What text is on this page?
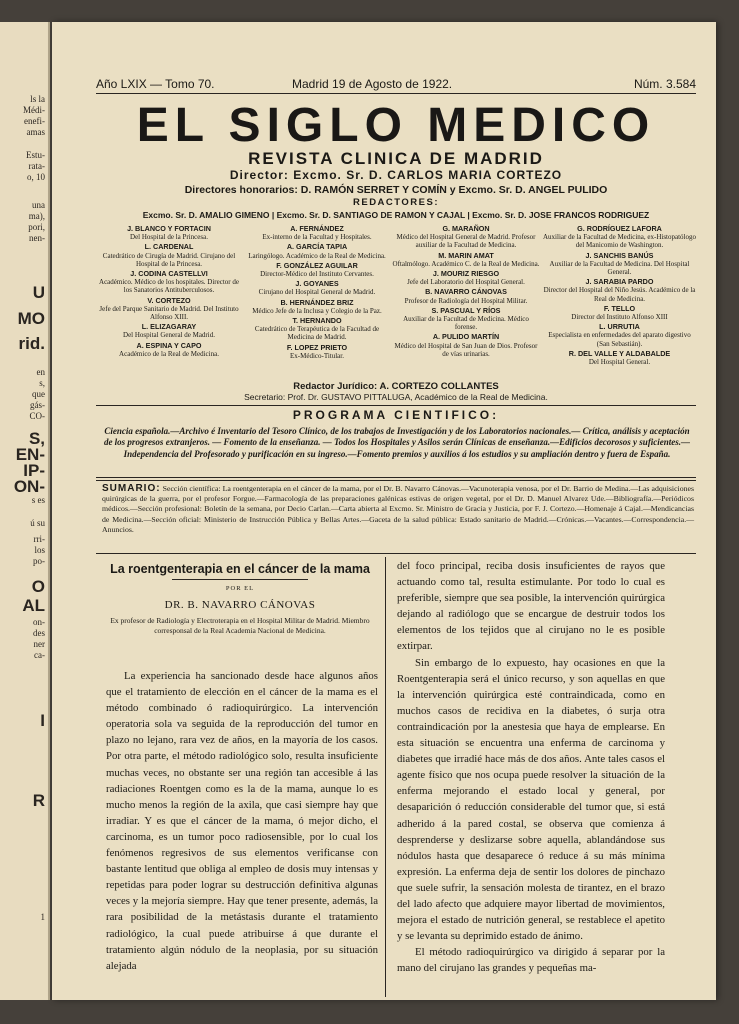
ls la
Médi-
enefi-
amas
Estu-
rata-
o, 10
una
ma),
pori,
nen-
U
MO
rid.
en
s,
que
gás-
CO-
S,
EN-
IP-
ON-
s es
ú su
rri-
los
po-
O
AL
on-
des
ner
ca-
I
R
1
Año LXIX — Tomo 70.	Madrid 19 de Agosto de 1922.	Núm. 3.584
EL SIGLO MEDICO
REVISTA CLINICA DE MADRID
Director: Excmo. Sr. D. CARLOS MARIA CORTEZO
Directores honorarios: D. RAMÓN SERRET Y COMÍN y Excmo. Sr. D. ANGEL PULIDO
REDACTORES:
Excmo. Sr. D. AMALIO GIMENO | Excmo. Sr. D. SANTIAGO DE RAMON Y CAJAL | Excmo. Sr. D. JOSE FRANCOS RODRIGUEZ
J. BLANCO Y FORTACIN
Del Hospital de la Princesa.
L. CARDENAL
Catedrático de Cirugía de Madrid. Cirujano del Hospital de la Princesa.
J. CODINA CASTELLVI
Académico. Médico de los hospitales. Director de los Sanatorios Antituberculosos.
V. CORTEZO
Jefe del Parque Sanitario de Madrid. Del Instituto Alfonso XIII.
L. ELIZAGARAY
Del Hospital General de Madrid.
A. ESPINA Y CAPO
Académico de la Real de Medicina.
A. FERNÁNDEZ
Ex-interno de la Facultad y Hospitales.
A. GARCÍA TAPIA
Laringólogo. Académico de la Real de Medicina.
F. GONZÁLEZ AGUILAR
Director-Médico del Instituto Cervantes.
J. GOYANES
Cirujano del Hospital General de Madrid.
B. HERNÁNDEZ BRIZ
Médico Jefe de la Inclusa y Colegio de la Paz.
T. HERNANDO
Catedrático de Terapéutica de la Facultad de Medicina de Madrid.
F. LOPEZ PRIETO
Ex-Médico-Titular.
G. MARAÑON
Médico del Hospital General de Madrid. Profesor auxiliar de la Facultad de Medicina.
M. MARIN AMAT
Oftalmólogo. Académico C. de la Real de Medicina.
J. MOURIZ RIESGO
Jefe del Laboratorio del Hospital General.
B. NAVARRO CÁNOVAS
Profesor de Radiología del Hospital Militar.
S. PASCUAL Y RÍOS
Auxiliar de la Facultad de Medicina. Médico forense.
A. PULIDO MARTÍN
Médico del Hospital de San Juan de Dios. Profesor de vías urinarias.
G. RODRÍGUEZ LAFORA
Auxiliar de la Facultad de Medicina, ex-Histopatólogo del Manicomio de Washington.
J. SANCHIS BANÚS
Auxiliar de la Facultad de Medicina. Del Hospital General.
J. SARABIA PARDO
Director del Hospital del Niño Jesús. Académico de la Real de Medicina.
F. TELLO
Director del Instituto Alfonso XIII
L. URRUTIA
Especialista en enfermedades del aparato digestivo (San Sebastián).
R. DEL VALLE Y ALDABALDE
Del Hospital General.
Redactor Jurídico: A. CORTEZO COLLANTES
Secretario: Prof. Dr. GUSTAVO PITTALUGA, Académico de la Real de Medicina.
PROGRAMA CIENTIFICO:
Ciencia española.—Archivo é Inventario del Tesoro Clínico, de los trabajos de Investigación y de los Laboratorios nacionales.— Crítica, análisis y aceptación de los progresos extranjeros. — Fomento de la enseñanza. — Todos los Hospitales y Asilos serán Clínicas de enseñanza.—Edificios decorosos y suficientes.—Independencia del Profesorado y purificación en su ingreso.—Fomento premios y auxilios á los estudios y su ampliación dentro y fuera de España.
SUMARIO: Sección científica: La roentgenterapia en el cáncer de la mama, por el Dr. B. Navarro Cánovas.—Vacunoterapia venosa, por el Dr. Barrio de Medina.—Las adquisiciones quirúrgicas de la guerra, por el profesor Forgue.—Farmacología de las preparaciones galénicas estivas de origen vegetal, por el Dr. D. Manuel Alvarez Ude.—Bibliografía.—Periódicos médicos.—Sección profesional: Boletín de la semana, por Decio Carlan.—Carta abierta al Excmo. Sr. Ministro de Gracia y Justicia, por F. J. Cortezo.—Homenaje á Cajal.—Mendicancias de Medicina.—Sección oficial: Ministerio de Instrucción Pública y Bellas Artes.—Gaceta de la salud pública: Estado sanitario de Madrid.—Crónicas.—Vacantes.—Correspondencia.—Anuncios.
La roentgenterapia en el cáncer de la mama
POR EL
DR. B. NAVARRO CÁNOVAS
Ex profesor de Radiología y Electroterapia en el Hospital Militar de Madrid. Miembro corresponsal de la Real Academia Nacional de Medicina.

La experiencia ha sancionado desde hace algunos años que el tratamiento de elección en el cáncer de la mama es el método combinado ó radioquirúrgico. La intervención operatoria sola va seguida de la reproducción del tumor en plazo no lejano, rara vez de años, en la mayoría de los casos. Por otra parte, el método radiológico solo, resulta insuficiente muchas veces, no obstante ser una región tan accesible á las radiaciones Roentgen como es la de la mama, aunque lo es mucho menos la región de la axila, que casi siempre hay que irradiar. Y es que el cáncer de la mama, ó mejor dicho, el carcinoma, es un tumor poco radiosensible, por lo cual los fenómenos regresivos de sus elementos verificanse con bastante lentitud que obliga al empleo de dosis muy intensas y repetidas para poder lograr su destrucción definitiva algunas veces y la mejoría siempre. Hay que tener presente, además, la rara posibilidad de la metástasis durante el tratamiento radiológico, la cual puede atribuirse á que durante el tratamiento algún nódulo de la neoplasia, por su situación alejada

del foco principal, reciba dosis insuficientes de rayos que actuando como tal, resulta estimulante. Por todo lo cual es preferible, siempre que sea posible, la intervención quirúrgica dejando al radiólogo que se encargue de destruir todos los elementos de los tejidos que al cirujano no le es posible extirpar.

Sin embargo de lo expuesto, hay ocasiones en que la Roentgenterapia será el único recurso, y son aquellas en que la intervención quirúrgica esté contraindicada, como en muchos casos de recidiva en la diabetes, ó surja otra contraindicación por la anestesia que haya de emplearse. En esta situación se encuentra una enferma de carcinoma y diabetes que irradié hace más de dos años. Ante tales casos el agente físico que nos ocupa puede resolver la situación de la enferma mejorando el estado local y general, por desaparición ó reducción considerable del tumor que, si está adherido á la pared costal, se observa que comienza á desprenderse y deslizarse sobre aquella, ablandándose sus nódulos hasta que desaparece ó reduce á su más mínima expresión. La enferma deja de sentir los dolores de pinchazo que suele sufrir, la sensación molesta de tirantez, en el brazo del lado afecto que adquiere mayor libertad de movimientos, mejora el estado de nutrición general, se restablece el apetito y se levanta su deprimido estado de ánimo.

El método radioquirúrgico va dirigido á separar por la mano del cirujano las grandes y pequeñas ma-
